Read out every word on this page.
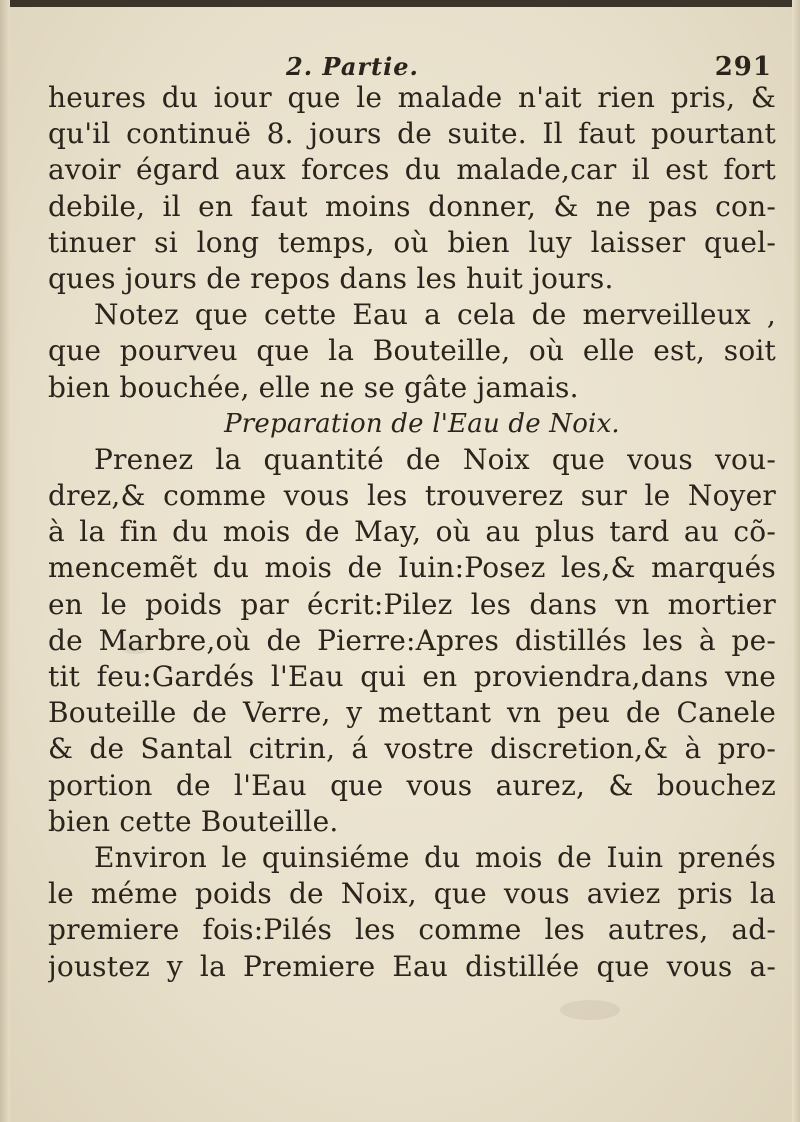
2. Partie.	291
heures du iour que le malade n'ait rien pris, &
qu'il continuë 8. jours de suite. Il faut pourtant
avoir égard aux forces du malade,car il est fort
debile, il en faut moins donner, & ne pas con-
tinuer si long temps, où bien luy laisser quel-
ques jours de repos dans les huit jours.
Notez que cette Eau a cela de merveilleux ,
que pourveu que la Bouteille, où elle est, soit
bien bouchée, elle ne se gâte jamais.
Preparation de l'Eau de Noix.
Prenez la quantité de Noix que vous vou-
drez,& comme vous les trouverez sur le Noyer
à la fin du mois de May, où au plus tard au cõ-
mencemẽt du mois de Iuin:Posez les,& marqués
en le poids par écrit:Pilez les dans vn mortier
de Marbre,où de Pierre:Apres distillés les à pe-
tit feu:Gardés l'Eau qui en proviendra,dans vne
Bouteille de Verre, y mettant vn peu de Canele
& de Santal citrin, á vostre discretion,& à pro-
portion de l'Eau que vous aurez, & bouchez
bien cette Bouteille.
Environ le quinsiéme du mois de Iuin prenés
le méme poids de Noix, que vous aviez pris la
premiere fois:Pilés les comme les autres, ad-
joustez y la Premiere Eau distillée que vous a-
